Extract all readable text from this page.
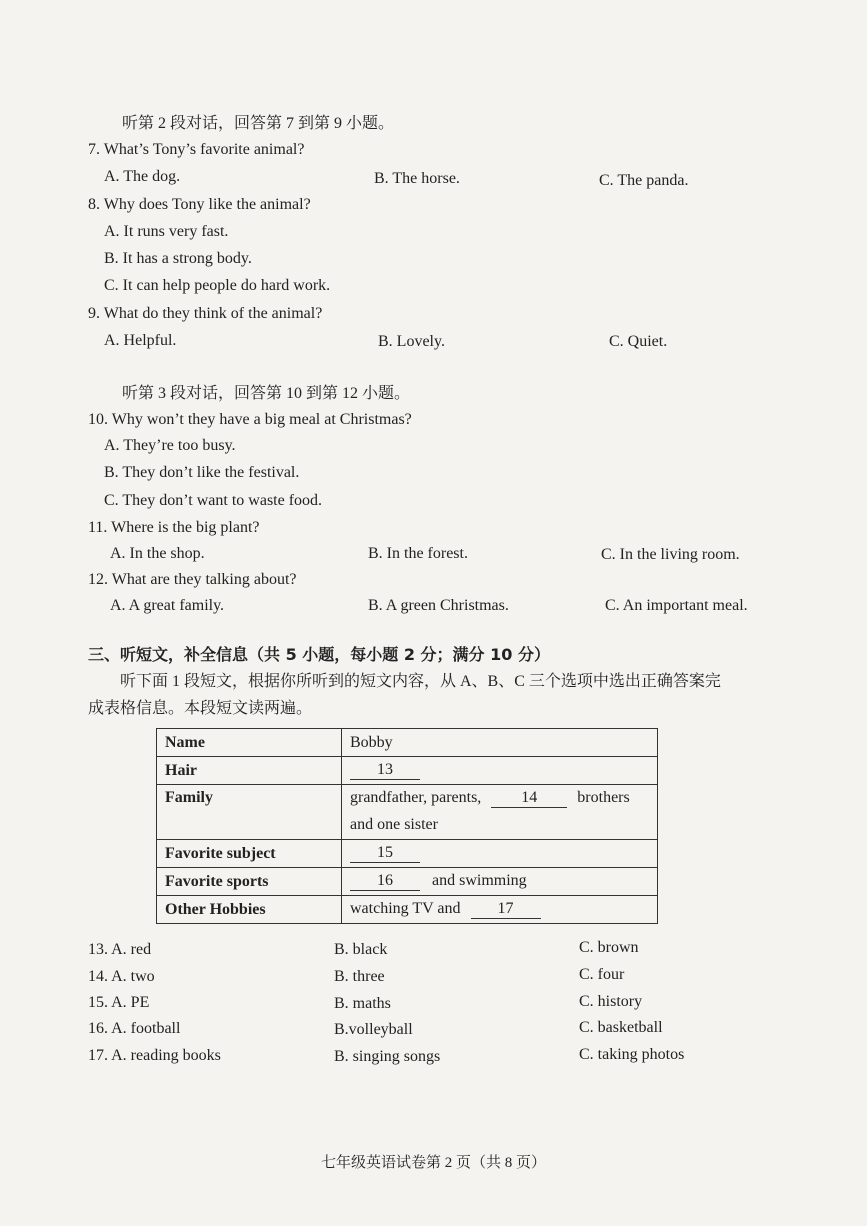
听第 2 段对话，回答第 7 到第 9 小题。
7. What’s Tony’s favorite animal?
A. The dog.	B. The horse.	C. The panda.
8. Why does Tony like the animal?
A. It runs very fast.
B. It has a strong body.
C. It can help people do hard work.
9. What do they think of the animal?
A. Helpful.	B. Lovely.	C. Quiet.
听第 3 段对话，回答第 10 到第 12 小题。
10. Why won’t they have a big meal at Christmas?
A. They’re too busy.
B. They don’t like the festival.
C. They don’t want to waste food.
11. Where is the big plant?
A. In the shop.	B. In the forest.	C. In the living room.
12. What are they talking about?
A. A great family.	B. A green Christmas.	C. An important meal.
三、听短文，补全信息（共 5 小题，每小题 2 分；满分 10 分）
听下面 1 段短文，根据你所听到的短文内容，从 A、B、C 三个选项中选出正确答案完
成表格信息。本段短文读两遍。
Name	Bobby
Hair	13
Family	grandfather, parents, 14 brothers
and one sister
Favorite subject	15
Favorite sports	16 and swimming
Other Hobbies	watching TV and 17
13. A. red	B. black	C. brown
14. A. two	B. three	C. four
15. A. PE	B. maths	C. history
16. A. football	B.volleyball	C. basketball
17. A. reading books	B. singing songs	C. taking photos
七年级英语试卷第 2 页（共 8 页）
